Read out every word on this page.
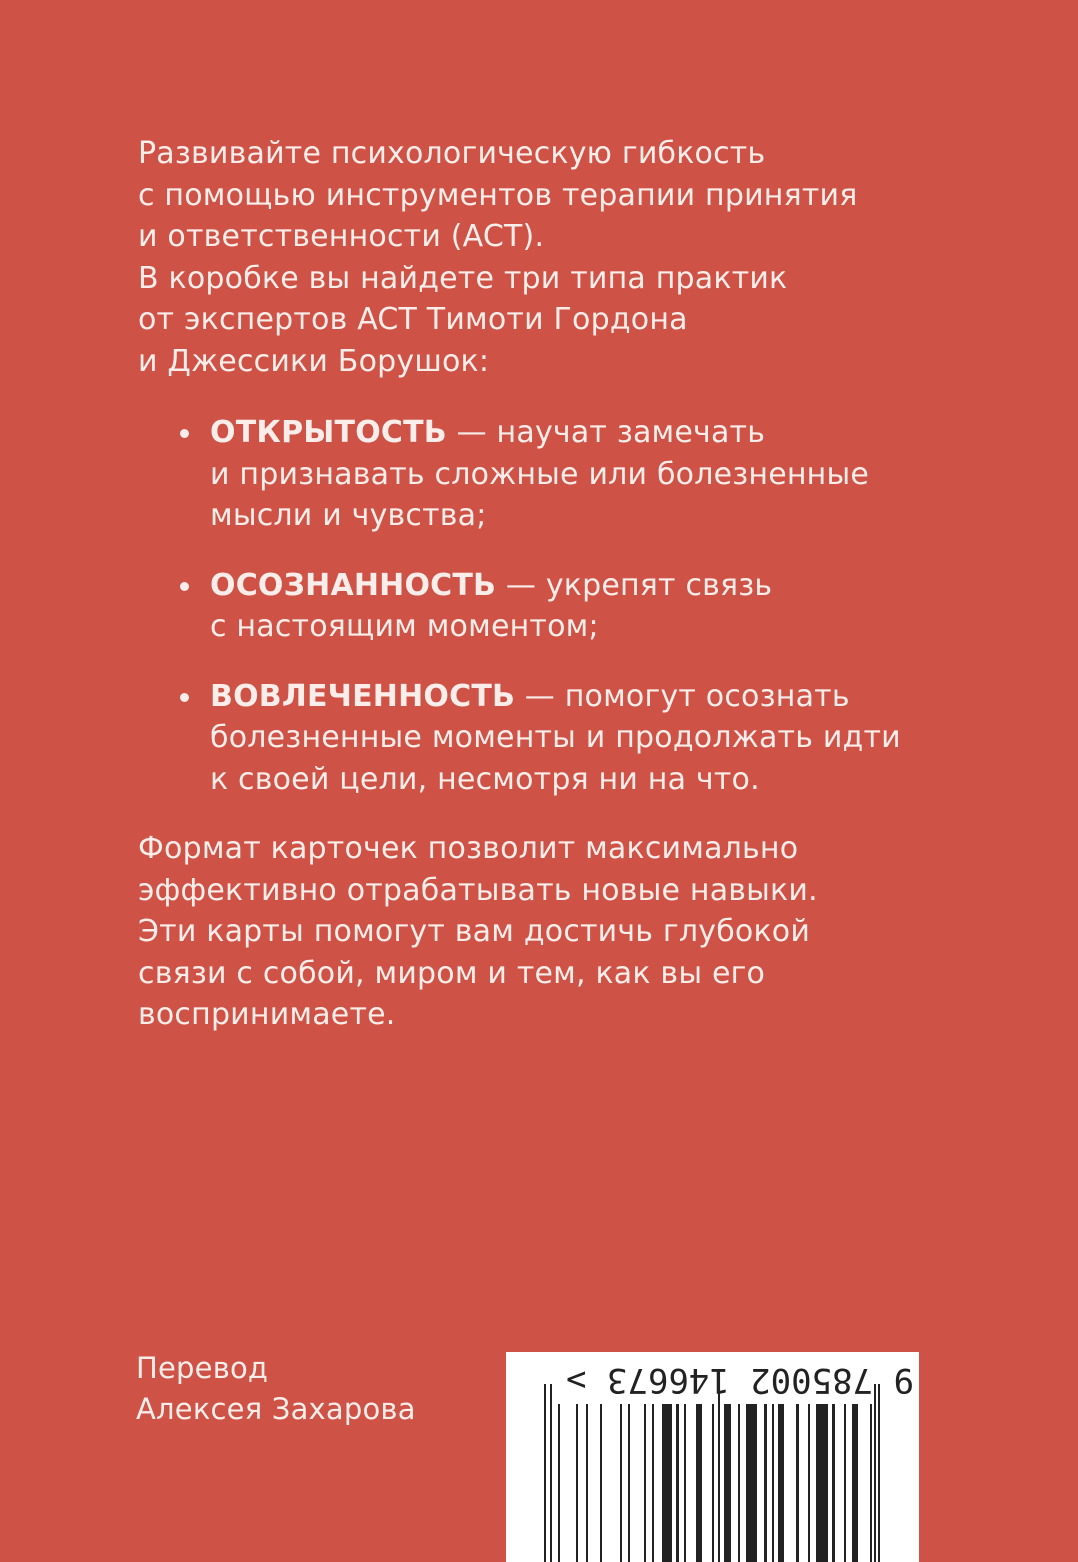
Развивайте психологическую гибкость
с помощью инструментов терапии принятия
и ответственности (ACT).
В коробке вы найдете три типа практик
от экспертов ACT Тимоти Гордона
и Джессики Борушок:
ОТКРЫТОСТЬ — научат замечать
и признавать сложные или болезненные
мысли и чувства;
ОСОЗНАННОСТЬ — укрепят связь
с настоящим моментом;
ВОВЛЕЧЕННОСТЬ — помогут осознать
болезненные моменты и продолжать идти
к своей цели, несмотря ни на что.
Формат карточек позволит максимально
эффективно отрабатывать новые навыки.
Эти карты помогут вам достичь глубокой
связи с собой, миром и тем, как вы его
воспринимаете.
Перевод
Алексея Захарова
9 785002 146673 >
